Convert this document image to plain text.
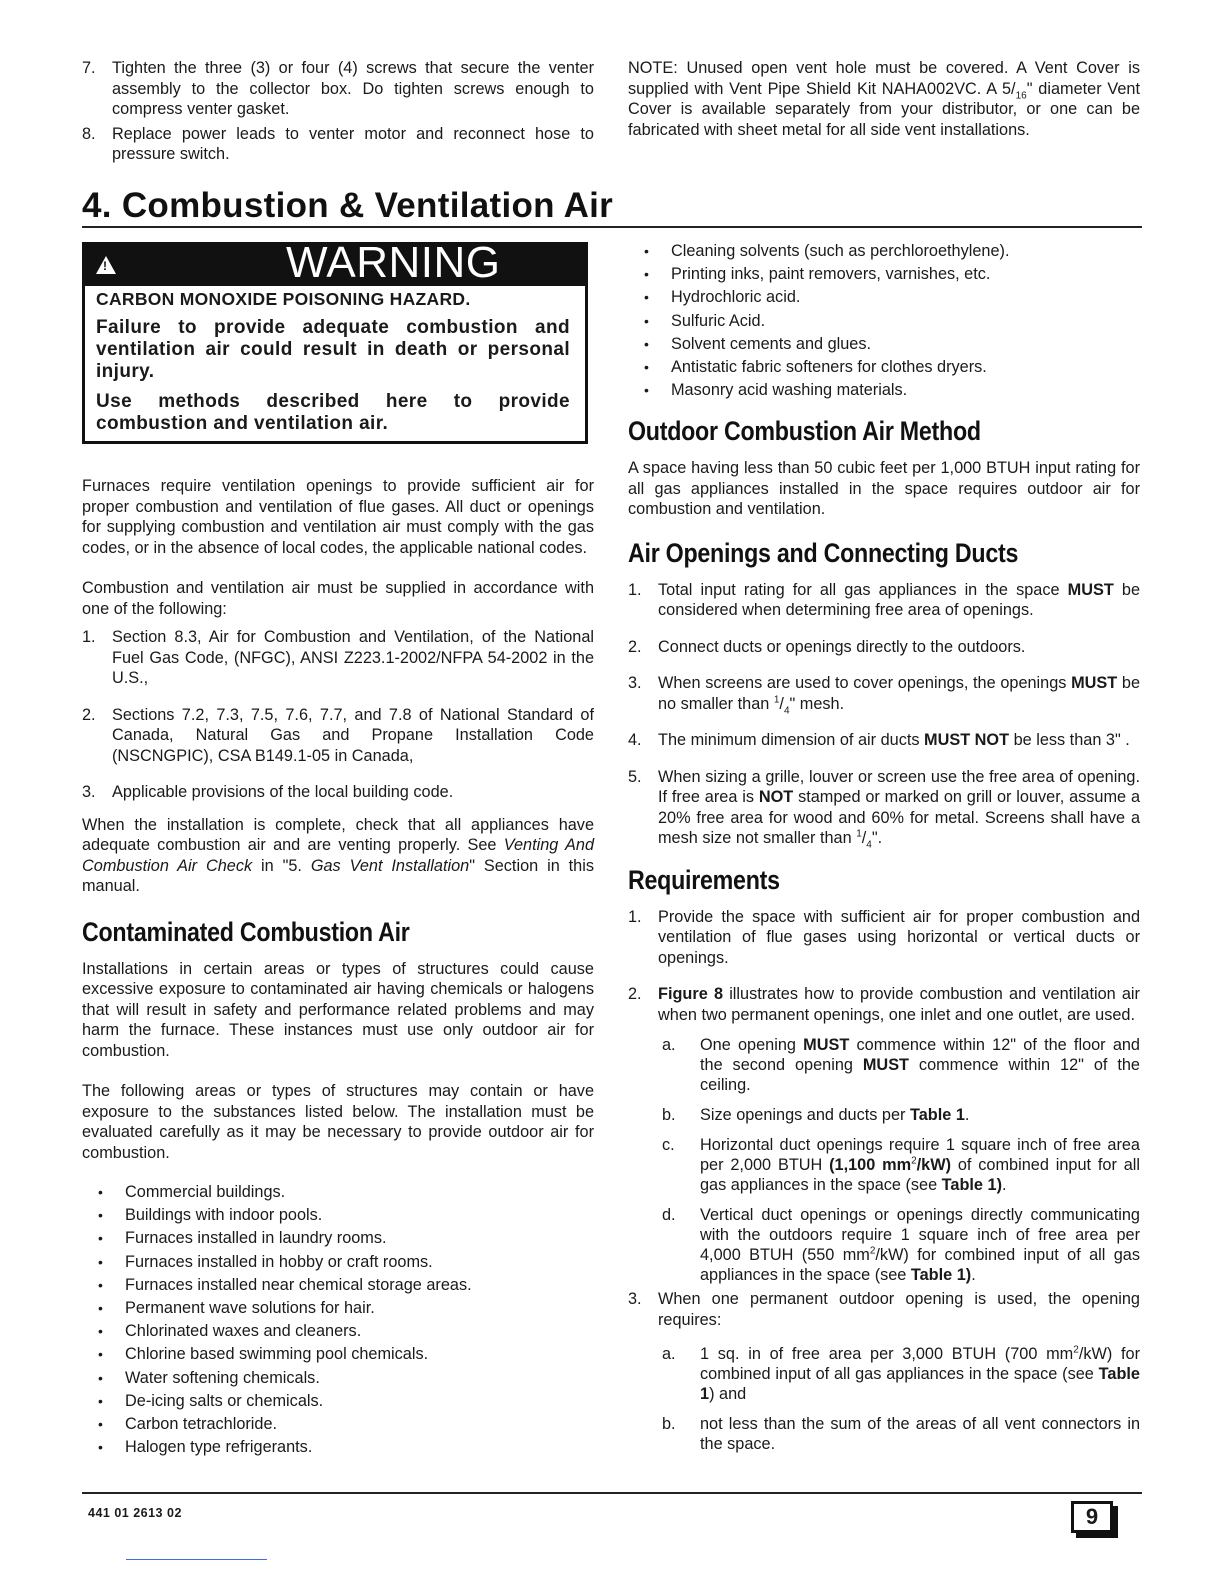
7. Tighten the three (3) or four (4) screws that secure the venter assembly to the collector box. Do tighten screws enough to compress venter gasket.
8. Replace power leads to venter motor and reconnect hose to pressure switch.

NOTE: Unused open vent hole must be covered. A Vent Cover is supplied with Vent Pipe Shield Kit NAHA002VC. A $5/_{16}$" diameter Vent Cover is available separately from your distributor, or one can be fabricated with sheet metal for all side vent installations.

4. Combustion & Ventilation Air
!	WARNING

CARBON MONOXIDE POISONING HAZARD.

Failure to provide adequate combustion and ventilation air could result in death or personal injury.

Use methods described here to provide combustion and ventilation air.

Furnaces require ventilation openings to provide sufficient air for proper combustion and ventilation of flue gases. All duct or openings for supplying combustion and ventilation air must comply with the gas codes, or in the absence of local codes, the applicable national codes.

Combustion and ventilation air must be supplied in accordance with one of the following:

1. Section 8.3, Air for Combustion and Ventilation, of the National Fuel Gas Code, (NFGC), ANSI Z223.1-2002/NFPA 54-2002 in the U.S.,
2. Sections 7.2, 7.3, 7.5, 7.6, 7.7, and 7.8 of National Standard of Canada, Natural Gas and Propane Installation Code (NSCNGPIC), CSA B149.1-05 in Canada,
3. Applicable provisions of the local building code.

When the installation is complete, check that all appliances have adequate combustion air and are venting properly. See Venting And Combustion Air Check in "5. Gas Vent Installation" Section in this manual.

Contaminated Combustion Air

Installations in certain areas or types of structures could cause excessive exposure to contaminated air having chemicals or halogens that will result in safety and performance related problems and may harm the furnace. These instances must use only outdoor air for combustion.

The following areas or types of structures may contain or have exposure to the substances listed below. The installation must be evaluated carefully as it may be necessary to provide outdoor air for combustion.

• Commercial buildings.
• Buildings with indoor pools.
• Furnaces installed in laundry rooms.
• Furnaces installed in hobby or craft rooms.
• Furnaces installed near chemical storage areas.
• Permanent wave solutions for hair.
• Chlorinated waxes and cleaners.
• Chlorine based swimming pool chemicals.
• Water softening chemicals.
• De-icing salts or chemicals.
• Carbon tetrachloride.
• Halogen type refrigerants.
• Cleaning solvents (such as perchloroethylene).
• Printing inks, paint removers, varnishes, etc.
• Hydrochloric acid.
• Sulfuric Acid.
• Solvent cements and glues.
• Antistatic fabric softeners for clothes dryers.
• Masonry acid washing materials.
Outdoor Combustion Air Method

A space having less than 50 cubic feet per 1,000 BTUH input rating for all gas appliances installed in the space requires outdoor air for combustion and ventilation.

Air Openings and Connecting Ducts
1. Total input rating for all gas appliances in the space MUST be considered when determining free area of openings.
2. Connect ducts or openings directly to the outdoors.
3. When screens are used to cover openings, the openings MUST be no smaller than $^1/_4$" mesh.
4. The minimum dimension of air ducts MUST NOT be less than 3" .
5. When sizing a grille, louver or screen use the free area of opening. If free area is NOT stamped or marked on grill or louver, assume a 20% free area for wood and 60% for metal. Screens shall have a mesh size not smaller than $^1/_4$".
Requirements
1. Provide the space with sufficient air for proper combustion and ventilation of flue gases using horizontal or vertical ducts or openings.
2. Figure 8 illustrates how to provide combustion and ventilation air when two permanent openings, one inlet and one outlet, are used.
a. One opening MUST commence within 12" of the floor and the second opening MUST commence within 12" of the ceiling.
b. Size openings and ducts per Table 1.
c. Horizontal duct openings require 1 square inch of free area per 2,000 BTUH (1,100 $mm^2/kW$) of combined input for all gas appliances in the space (see Table 1).
d. Vertical duct openings or openings directly communicating with the outdoors require 1 square inch of free area per 4,000 BTUH (550 $mm^2/kW$) for combined input of all gas appliances in the space (see Table 1).
3. When one permanent outdoor opening is used, the opening requires:
a. 1 sq. in of free area per 3,000 BTUH (700 $mm^2/kW$) for combined input of all gas appliances in the space (see Table 1) and
b. not less than the sum of the areas of all vent connectors in the space.
441 01 2613 02	9
